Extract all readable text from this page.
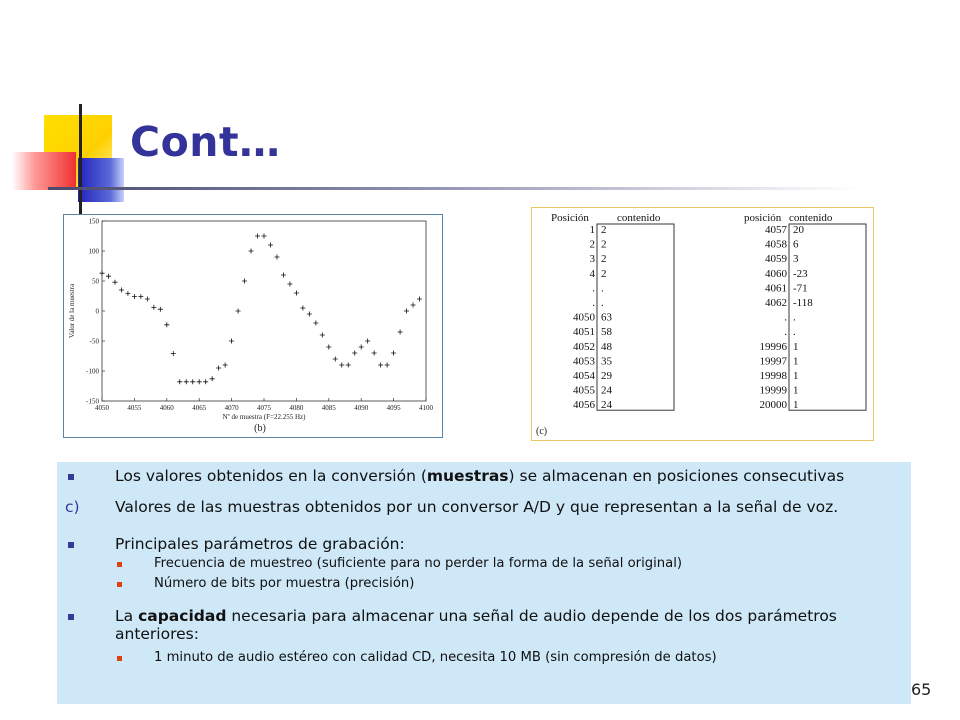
Cont…
4050	4055	4060	4065	4070	4075	4080	4085	4090	4095	4100
150
100
50
0
-50
-100
-150
Nº de muestra (F=22.255 Hz)
Valor de la muestra
(b)
Posición	contenido	posición contenido
1 2
2 2
3 2
4 2
. .
. .
4050 63
4051 58
4052 48
4053 35
4054 29
4055 24
4056 24
4057 20
4058 6
4059 3
4060 -23
4061 -71
4062 -118
. .
. .
19996 1
19997 1
19998 1
19999 1
20000 1
(c)
Los valores obtenidos en la conversión (muestras) se almacenan en posiciones consecutivas
c) Valores de las muestras obtenidos por un conversor A/D y que representan a la señal de voz.
Principales parámetros de grabación:
Frecuencia de muestreo (suficiente para no perder la forma de la señal original)
Número de bits por muestra (precisión)
La capacidad necesaria para almacenar una señal de audio depende de los dos parámetros
anteriores:
1 minuto de audio estéreo con calidad CD, necesita 10 MB (sin compresión de datos)
65
